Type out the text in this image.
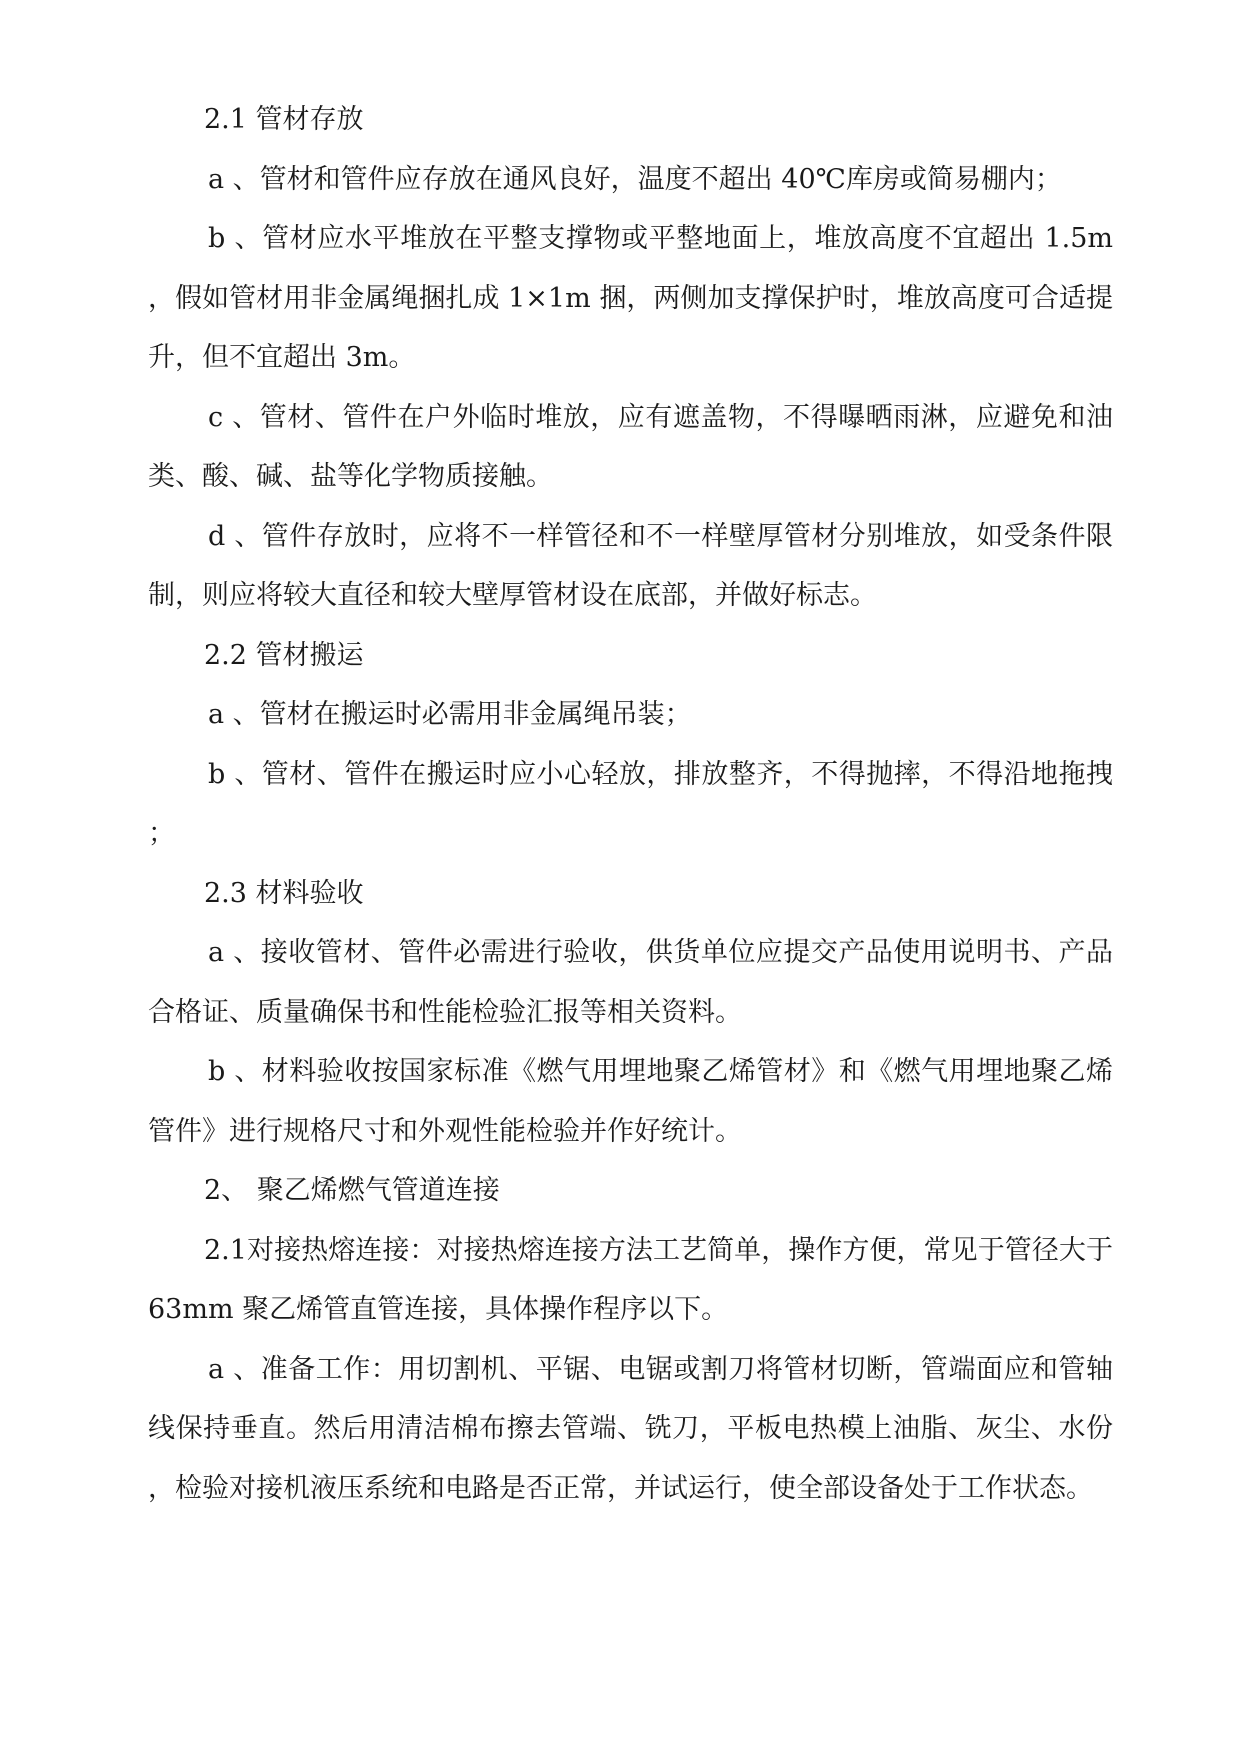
2.1 管材存放

a 、管材和管件应存放在通风良好，温度不超出 40℃库房或简易棚内；

b 、管材应水平堆放在平整支撑物或平整地面上，堆放高度不宜超出 1.5m，假如管材用非金属绳捆扎成 1×1m 捆，两侧加支撑保护时，堆放高度可合适提升，但不宜超出 3m。

c 、管材、管件在户外临时堆放，应有遮盖物，不得曝晒雨淋，应避免和油类、酸、碱、盐等化学物质接触。

d 、管件存放时，应将不一样管径和不一样壁厚管材分别堆放，如受条件限制，则应将较大直径和较大壁厚管材设在底部，并做好标志。

2.2 管材搬运

a 、管材在搬运时必需用非金属绳吊装；

b 、管材、管件在搬运时应小心轻放，排放整齐，不得抛摔，不得沿地拖拽；

2.3 材料验收

a 、接收管材、管件必需进行验收，供货单位应提交产品使用说明书、产品合格证、质量确保书和性能检验汇报等相关资料。

b 、材料验收按国家标准《燃气用埋地聚乙烯管材》和《燃气用埋地聚乙烯管件》进行规格尺寸和外观性能检验并作好统计。

2、 聚乙烯燃气管道连接

2.1对接热熔连接：对接热熔连接方法工艺简单，操作方便，常见于管径大于 63mm 聚乙烯管直管连接，具体操作程序以下。

a 、准备工作：用切割机、平锯、电锯或割刀将管材切断，管端面应和管轴线保持垂直。然后用清洁棉布擦去管端、铣刀，平板电热模上油脂、灰尘、水份，检验对接机液压系统和电路是否正常，并试运行，使全部设备处于工作状态。
